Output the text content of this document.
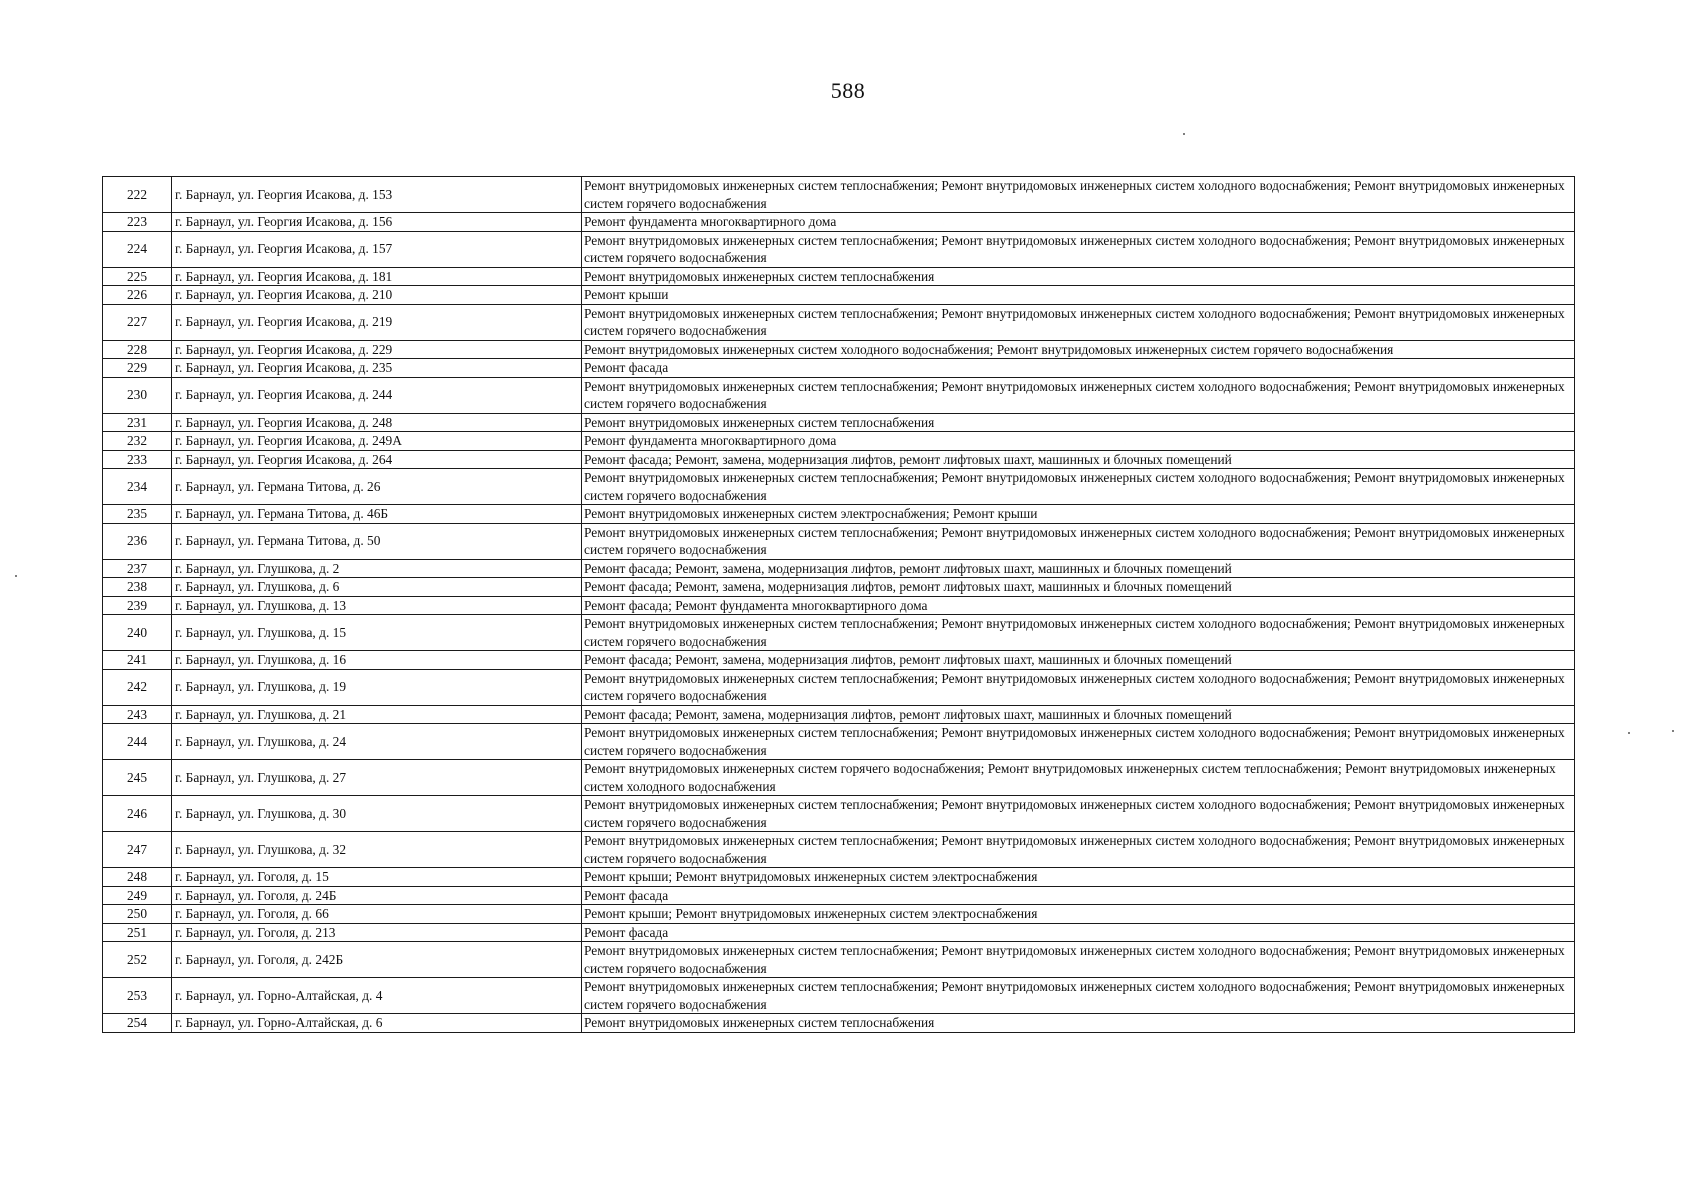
588
222	г. Барнаул, ул. Георгия Исакова, д. 153	Ремонт внутридомовых инженерных систем теплоснабжения; Ремонт внутридомовых инженерных систем холодного водоснабжения; Ремонт внутридомовых инженерных систем горячего водоснабжения
223	г. Барнаул, ул. Георгия Исакова, д. 156	Ремонт фундамента многоквартирного дома
224	г. Барнаул, ул. Георгия Исакова, д. 157	Ремонт внутридомовых инженерных систем теплоснабжения; Ремонт внутридомовых инженерных систем холодного водоснабжения; Ремонт внутридомовых инженерных систем горячего водоснабжения
225	г. Барнаул, ул. Георгия Исакова, д. 181	Ремонт внутридомовых инженерных систем теплоснабжения
226	г. Барнаул, ул. Георгия Исакова, д. 210	Ремонт крыши
227	г. Барнаул, ул. Георгия Исакова, д. 219	Ремонт внутридомовых инженерных систем теплоснабжения; Ремонт внутридомовых инженерных систем холодного водоснабжения; Ремонт внутридомовых инженерных систем горячего водоснабжения
228	г. Барнаул, ул. Георгия Исакова, д. 229	Ремонт внутридомовых инженерных систем холодного водоснабжения; Ремонт внутридомовых инженерных систем горячего водоснабжения
229	г. Барнаул, ул. Георгия Исакова, д. 235	Ремонт фасада
230	г. Барнаул, ул. Георгия Исакова, д. 244	Ремонт внутридомовых инженерных систем теплоснабжения; Ремонт внутридомовых инженерных систем холодного водоснабжения; Ремонт внутридомовых инженерных систем горячего водоснабжения
231	г. Барнаул, ул. Георгия Исакова, д. 248	Ремонт внутридомовых инженерных систем теплоснабжения
232	г. Барнаул, ул. Георгия Исакова, д. 249А	Ремонт фундамента многоквартирного дома
233	г. Барнаул, ул. Георгия Исакова, д. 264	Ремонт фасада; Ремонт, замена, модернизация лифтов, ремонт лифтовых шахт, машинных и блочных помещений
234	г. Барнаул, ул. Германа Титова, д. 26	Ремонт внутридомовых инженерных систем теплоснабжения; Ремонт внутридомовых инженерных систем холодного водоснабжения; Ремонт внутридомовых инженерных систем горячего водоснабжения
235	г. Барнаул, ул. Германа Титова, д. 46Б	Ремонт внутридомовых инженерных систем электроснабжения; Ремонт крыши
236	г. Барнаул, ул. Германа Титова, д. 50	Ремонт внутридомовых инженерных систем теплоснабжения; Ремонт внутридомовых инженерных систем холодного водоснабжения; Ремонт внутридомовых инженерных систем горячего водоснабжения
237	г. Барнаул, ул. Глушкова, д. 2	Ремонт фасада; Ремонт, замена, модернизация лифтов, ремонт лифтовых шахт, машинных и блочных помещений
238	г. Барнаул, ул. Глушкова, д. 6	Ремонт фасада; Ремонт, замена, модернизация лифтов, ремонт лифтовых шахт, машинных и блочных помещений
239	г. Барнаул, ул. Глушкова, д. 13	Ремонт фасада; Ремонт фундамента многоквартирного дома
240	г. Барнаул, ул. Глушкова, д. 15	Ремонт внутридомовых инженерных систем теплоснабжения; Ремонт внутридомовых инженерных систем холодного водоснабжения; Ремонт внутридомовых инженерных систем горячего водоснабжения
241	г. Барнаул, ул. Глушкова, д. 16	Ремонт фасада; Ремонт, замена, модернизация лифтов, ремонт лифтовых шахт, машинных и блочных помещений
242	г. Барнаул, ул. Глушкова, д. 19	Ремонт внутридомовых инженерных систем теплоснабжения; Ремонт внутридомовых инженерных систем холодного водоснабжения; Ремонт внутридомовых инженерных систем горячего водоснабжения
243	г. Барнаул, ул. Глушкова, д. 21	Ремонт фасада; Ремонт, замена, модернизация лифтов, ремонт лифтовых шахт, машинных и блочных помещений
244	г. Барнаул, ул. Глушкова, д. 24	Ремонт внутридомовых инженерных систем теплоснабжения; Ремонт внутридомовых инженерных систем холодного водоснабжения; Ремонт внутридомовых инженерных систем горячего водоснабжения
245	г. Барнаул, ул. Глушкова, д. 27	Ремонт внутридомовых инженерных систем горячего водоснабжения; Ремонт внутридомовых инженерных систем теплоснабжения; Ремонт внутридомовых инженерных систем холодного водоснабжения
246	г. Барнаул, ул. Глушкова, д. 30	Ремонт внутридомовых инженерных систем теплоснабжения; Ремонт внутридомовых инженерных систем холодного водоснабжения; Ремонт внутридомовых инженерных систем горячего водоснабжения
247	г. Барнаул, ул. Глушкова, д. 32	Ремонт внутридомовых инженерных систем теплоснабжения; Ремонт внутридомовых инженерных систем холодного водоснабжения; Ремонт внутридомовых инженерных систем горячего водоснабжения
248	г. Барнаул, ул. Гоголя, д. 15	Ремонт крыши; Ремонт внутридомовых инженерных систем электроснабжения
249	г. Барнаул, ул. Гоголя, д. 24Б	Ремонт фасада
250	г. Барнаул, ул. Гоголя, д. 66	Ремонт крыши; Ремонт внутридомовых инженерных систем электроснабжения
251	г. Барнаул, ул. Гоголя, д. 213	Ремонт фасада
252	г. Барнаул, ул. Гоголя, д. 242Б	Ремонт внутридомовых инженерных систем теплоснабжения; Ремонт внутридомовых инженерных систем холодного водоснабжения; Ремонт внутридомовых инженерных систем горячего водоснабжения
253	г. Барнаул, ул. Горно-Алтайская, д. 4	Ремонт внутридомовых инженерных систем теплоснабжения; Ремонт внутридомовых инженерных систем холодного водоснабжения; Ремонт внутридомовых инженерных систем горячего водоснабжения
254	г. Барнаул, ул. Горно-Алтайская, д. 6	Ремонт внутридомовых инженерных систем теплоснабжения
